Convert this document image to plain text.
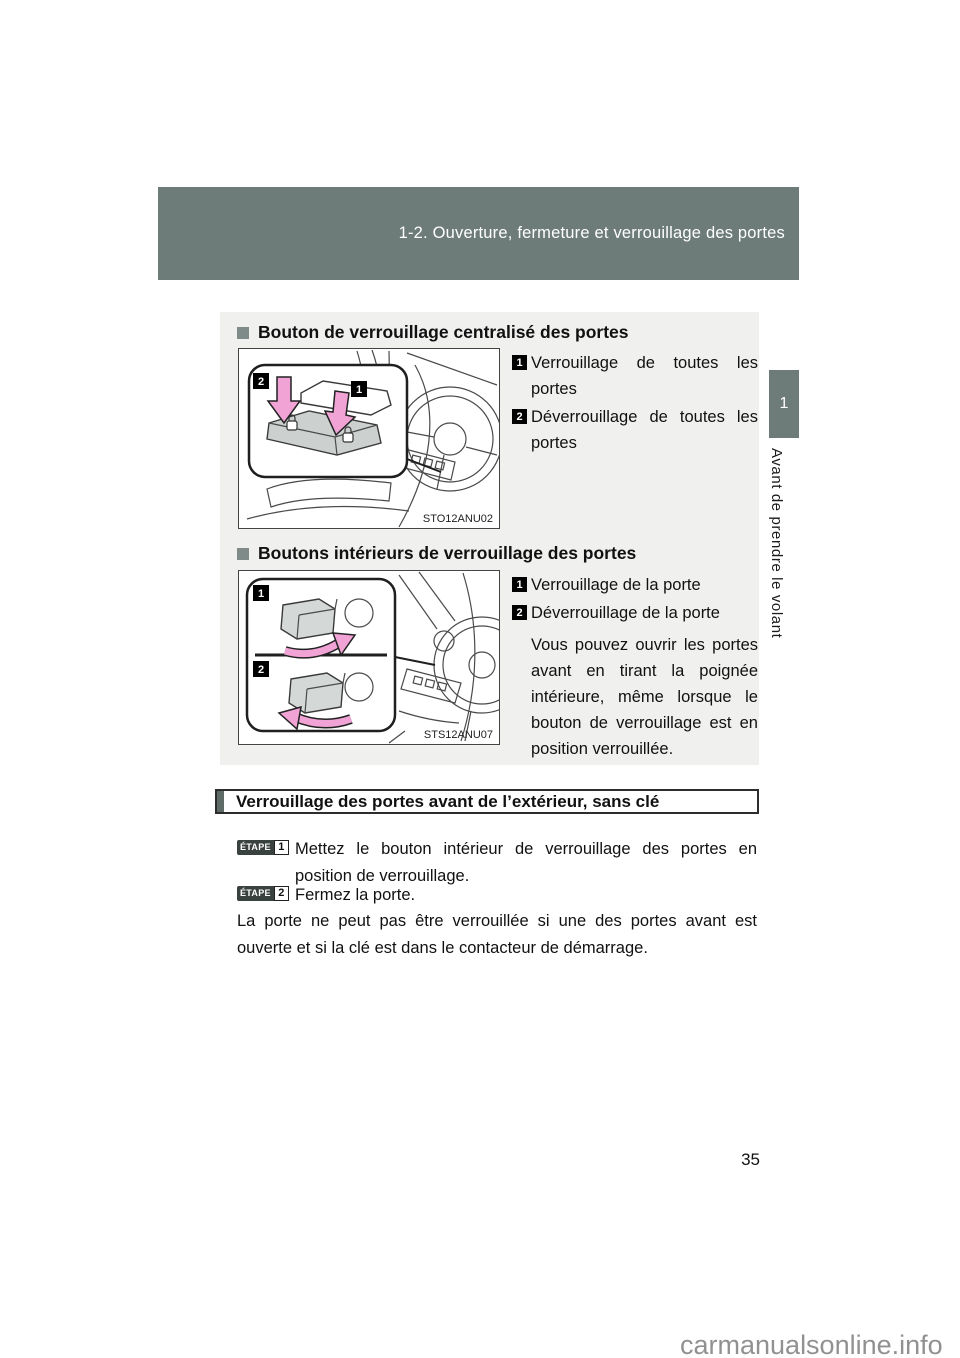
1-2. Ouverture, fermeture et verrouillage des portes
1
Avant de prendre le volant
Bouton de verrouillage centralisé des portes
2
1
STO12ANU02
1 Verrouillage de toutes les portes
2 Déverrouillage de toutes les portes
Boutons intérieurs de verrouillage des portes
1
2
STS12ANU07
1 Verrouillage de la porte
2 Déverrouillage de la porte
Vous pouvez ouvrir les portes avant en tirant la poignée intérieure, même lorsque le bouton de verrouillage est en position verrouillée.
Verrouillage des portes avant de l’extérieur, sans clé
ÉTAPE 1 Mettez le bouton intérieur de verrouillage des portes en position de verrouillage.
ÉTAPE 2 Fermez la porte.
La porte ne peut pas être verrouillée si une des portes avant est ouverte et si la clé est dans le contacteur de démarrage.
35
carmanualsonline.info
